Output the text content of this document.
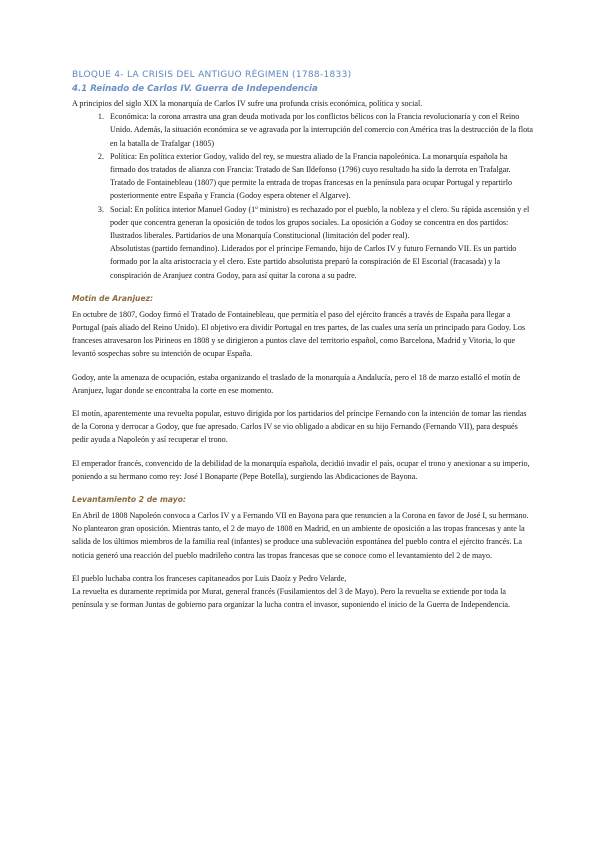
BLOQUE 4- LA CRISIS DEL ANTIGUO RÉGIMEN (1788-1833)
4.1 Reinado de Carlos IV. Guerra de Independencia

A principios del siglo XIX la monarquía de Carlos IV sufre una profunda crisis económica, política y social.

1. Económica: la corona arrastra una gran deuda motivada por los conflictos bélicos con la Francia revolucionaria y con el Reino Unido. Además, la situación económica se ve agravada por la interrupción del comercio con América tras la destrucción de la flota en la batalla de Trafalgar (1805)
2. Política: En política exterior Godoy, valido del rey, se muestra aliado de la Francia napoleónica. La monarquía española ha firmado dos tratados de alianza con Francia: Tratado de San Ildefonso (1796) cuyo resultado ha sido la derrota en Trafalgar. Tratado de Fontainebleau (1807) que permite la entrada de tropas francesas en la península para ocupar Portugal y repartirlo posteriormente entre España y Francia (Godoy espera obtener el Algarve).
3. Social: En política interior Manuel Godoy (1º ministro) es rechazado por el pueblo, la nobleza y el clero. Su rápida ascensión y el poder que concentra generan la oposición de todos los grupos sociales. La oposición a Godoy se concentra en dos partidos: Ilustrados liberales. Partidarios de una Monarquía Constitucional (limitación del poder real).
Absolutistas (partido fernandino). Liderados por el príncipe Fernando, hijo de Carlos IV y futuro Fernando VII. Es un partido formado por la alta aristocracia y el clero. Este partido absolutista preparó la conspiración de El Escorial (fracasada) y la conspiración de Aranjuez contra Godoy, para así quitar la corona a su padre.
Motín de Aranjuez:

En octubre de 1807, Godoy firmó el Tratado de Fontainebleau, que permitía el paso del ejército francés a través de España para llegar a Portugal (país aliado del Reino Unido). El objetivo era dividir Portugal en tres partes, de las cuales una sería un principado para Godoy. Los franceses atravesaron los Pirineos en 1808 y se dirigieron a puntos clave del territorio español, como Barcelona, Madrid y Vitoria, lo que levantó sospechas sobre su intención de ocupar España.

Godoy, ante la amenaza de ocupación, estaba organizando el traslado de la monarquía a Andalucía, pero el 18 de marzo estalló el motín de Aranjuez, lugar donde se encontraba la corte en ese momento.

El motín, aparentemente una revuelta popular, estuvo dirigida por los partidarios del príncipe Fernando con la intención de tomar las riendas de la Corona y derrocar a Godoy, que fue apresado. Carlos IV se vio obligado a abdicar en su hijo Fernando (Fernando VII), para después pedir ayuda a Napoleón y así recuperar el trono.

El emperador francés, convencido de la debilidad de la monarquía española, decidió invadir el país, ocupar el trono y anexionar a su imperio, poniendo a su hermano como rey: José I Bonaparte (Pepe Botella), surgiendo las Abdicaciones de Bayona.

Levantamiento 2 de mayo:

En Abril de 1808 Napoleón convoca a Carlos IV y a Fernando VII en Bayona para que renuncien a la Corona en favor de José I, su hermano. No plantearon gran oposición. Mientras tanto, el 2 de mayo de 1808 en Madrid, en un ambiente de oposición a las tropas francesas y ante la salida de los últimos miembros de la familia real (infantes) se produce una sublevación espontánea del pueblo contra el ejército francés. La noticia generó una reacción del pueblo madrileño contra las tropas francesas que se conoce como el levantamiento del 2 de mayo.

El pueblo luchaba contra los franceses capitaneados por Luis Daoíz y Pedro Velarde,

La revuelta es duramente reprimida por Murat, general francés (Fusilamientos del 3 de Mayo). Pero la revuelta se extiende por toda la península y se forman Juntas de gobierno para organizar la lucha contra el invasor, suponiendo el inicio de la Guerra de Independencia.
